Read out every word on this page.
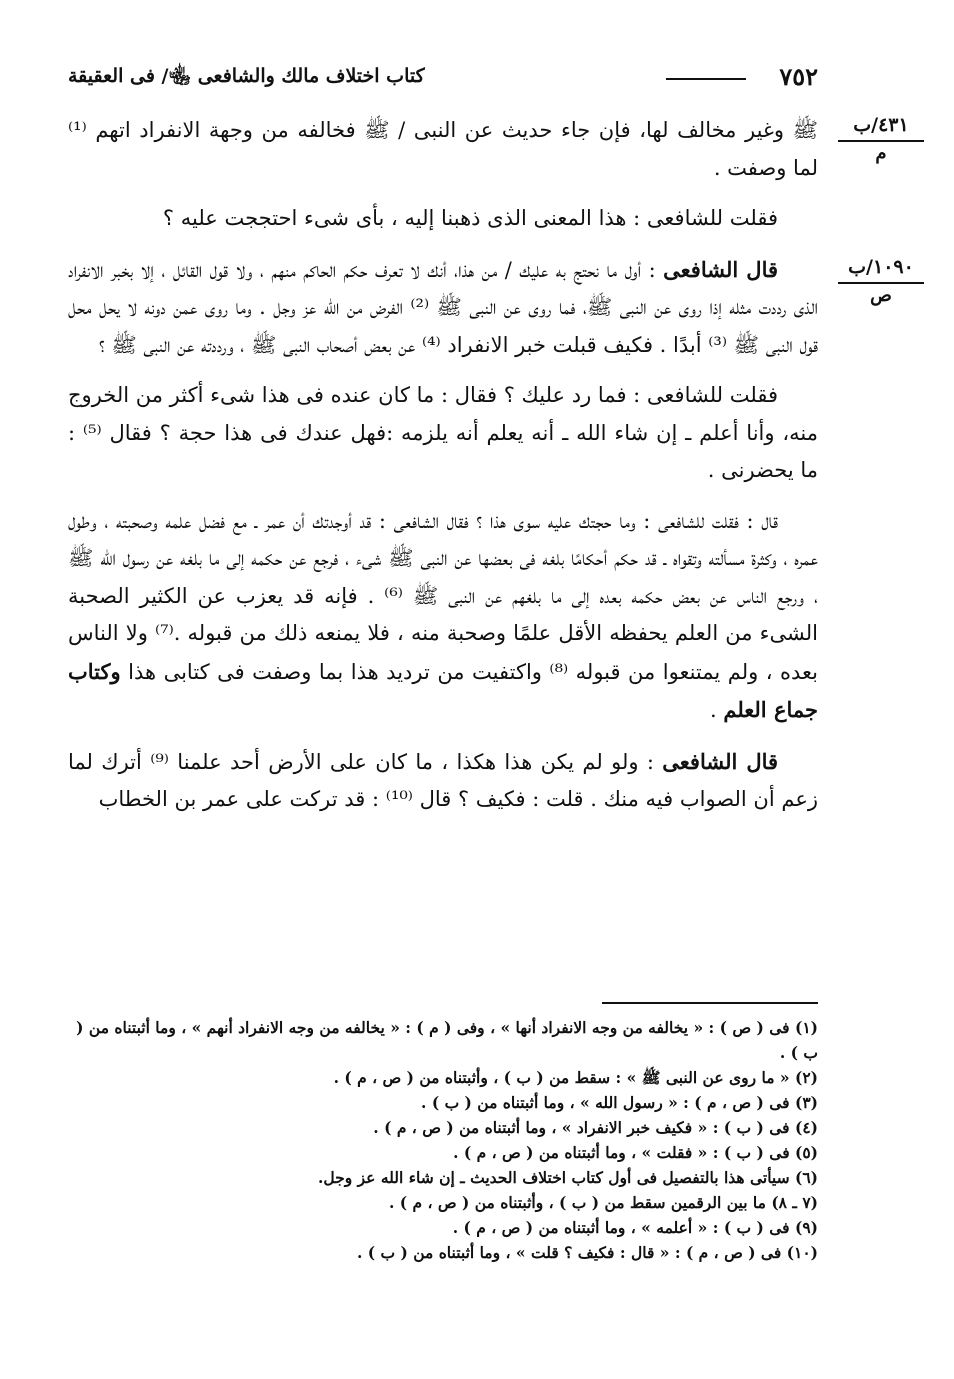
٧٥٢
كتاب اختلاف مالك والشافعى ﵄/ فى العقيقة
٤٣١/ب
م
١٠٩٠/ب
ص

ﷺ وغير مخالف لها، فإن جاء حديث عن النبى / ﷺ فخالفه من وجهة الانفراد اتهم ⁽¹⁾ لما وصفت .

فقلت للشافعى : هذا المعنى الذى ذهبنا إليه ، بأى شىء احتججت عليه ؟

قال الشافعى : أول ما نحتج به عليك / من هذا، أنك لا تعرف حكم الحاكم منهم ، ولا قول القائل ، إلا بخبر الانفراد الذى رددت مثله إذا روى عن النبى ﷺ، فما روى عن النبى ﷺ ⁽²⁾ الفرض من الله عز وجل . وما روى عمن دونه لا يحل محل قول النبى ﷺ ⁽³⁾ أبدًا . فكيف قبلت خبر الانفراد ⁽⁴⁾ عن بعض أصحاب النبى ﷺ ، ورددته عن النبى ﷺ ؟

فقلت للشافعى : فما رد عليك ؟ فقال : ما كان عنده فى هذا شىء أكثر من الخروج منه، وأنا أعلم ـ إن شاء الله ـ أنه يعلم أنه يلزمه :فهل عندك فى هذا حجة ؟ فقال ⁽⁵⁾ : ما يحضرنى .

قال : فقلت للشافعى : وما حجتك عليه سوى هذا ؟ فقال الشافعى : قد أوجدتك أن عمر ـ مع فضل علمه وصحبته ، وطول عمره ، وكثرة مسألته وتقواه ـ قد حكم أحكامًا بلغه فى بعضها عن النبى ﷺ شىء ، فرجع عن حكمه إلى ما بلغه عن رسول الله ﷺ ، ورجع الناس عن بعض حكمه بعده إلى ما بلغهم عن النبى ﷺ ⁽⁶⁾ . فإنه قد يعزب عن الكثير الصحبة الشىء من العلم يحفظه الأقل علمًا وصحبة منه ، فلا يمنعه ذلك من قبوله .⁽⁷⁾ ولا الناس بعده ، ولم يمتنعوا من قبوله ⁽⁸⁾ واكتفيت من ترديد هذا بما وصفت فى كتابى هذا وكتاب جماع العلم .

قال الشافعى : ولو لم يكن هذا هكذا ، ما كان على الأرض أحد علمنا ⁽⁹⁾ أترك لما زعم أن الصواب فيه منك . قلت : فكيف ؟ قال ⁽¹⁰⁾ : قد تركت على عمر بن الخطاب

(١) فى ( ص ) : « يخالفه من وجه الانفراد أنها » ، وفى ( م ) : « يخالفه من وجه الانفراد أنهم » ، وما أثبتناه من ( ب ) .

(٢) « ما روى عن النبى ﷺ » : سقط من ( ب ) ، وأثبتناه من ( ص ، م ) .

(٣) فى ( ص ، م ) : « رسول الله » ، وما أثبتناه من ( ب ) .

(٤) فى ( ب ) : « فكيف خبر الانفراد » ، وما أثبتناه من ( ص ، م ) .

(٥) فى ( ب ) : « فقلت » ، وما أثبتناه من ( ص ، م ) .

(٦) سيأتى هذا بالتفصيل فى أول كتاب اختلاف الحديث ـ إن شاء الله عز وجل.

(٧ ـ ٨) ما بين الرقمين سقط من ( ب ) ، وأثبتناه من ( ص ، م ) .

(٩) فى ( ب ) : « أعلمه » ، وما أثبتناه من ( ص ، م ) .

(١٠) فى ( ص ، م ) : « قال : فكيف ؟ قلت » ، وما أثبتناه من ( ب ) .
